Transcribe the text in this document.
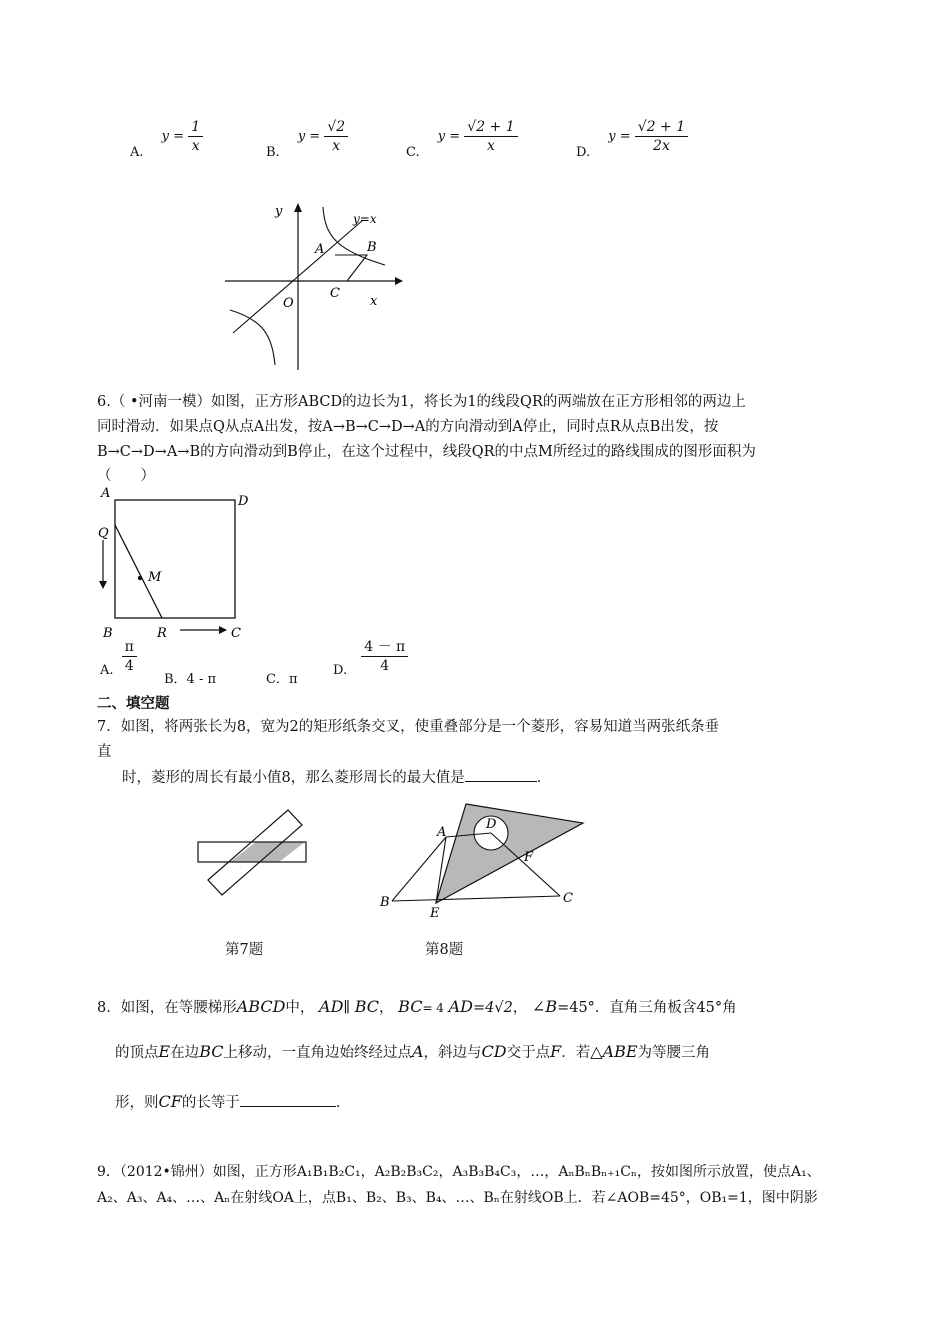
A. $y = \frac{1}{x}$	B. $y = \frac{√2}{x}$	C. $y = \frac{√2 + 1}{x}$	D. $y = \frac{√2 + 1}{2x}$
y
x
O
y=x
A	B
C
6.（ •河南一模）如图，正方形ABCD的边长为1，将长为1的线段QR的两端放在正方形相邻的两边上
同时滑动．如果点Q从点A出发，按A→B→C→D→A的方向滑动到A停止，同时点R从点B出发，按
B→C→D→A→B的方向滑动到B停止，在这个过程中，线段QR的中点M所经过的路线围成的图形面积为
（　　）
A
D
Q
M
B	R	C
A. $\frac{\pi}{4}$
B．4 - π	C．π
D. $\frac{4 - \pi}{4}$
二、填空题
7．如图，将两张长为8，宽为2的矩形纸条交叉，使重叠部分是一个菱形，容易知道当两张纸条垂
直
时，菱形的周长有最小值8，那么菱形周长的最大值是	．
A
D
F
B
E
C
第7题	第8题
8．如图，在等腰梯形ABCD中， AD∥ BC， BC= 4 AD=4√2， ∠B=45°．直角三角板含45°角
的顶点E在边BC上移动，一直角边始终经过点A，斜边与CD交于点F．若△ABE为等腰三角
形，则CF的长等于	．
9．（2012•锦州）如图，正方形A₁B₁B₂C₁，A₂B₂B₃C₂，A₃B₃B₄C₃，…，AₙBₙBₙ₊₁Cₙ，按如图所示放置，使点A₁、
A₂、A₃、A₄、…、Aₙ在射线OA上，点B₁、B₂、B₃、B₄、…、Bₙ在射线OB上．若∠AOB=45°，OB₁=1，图中阴影
